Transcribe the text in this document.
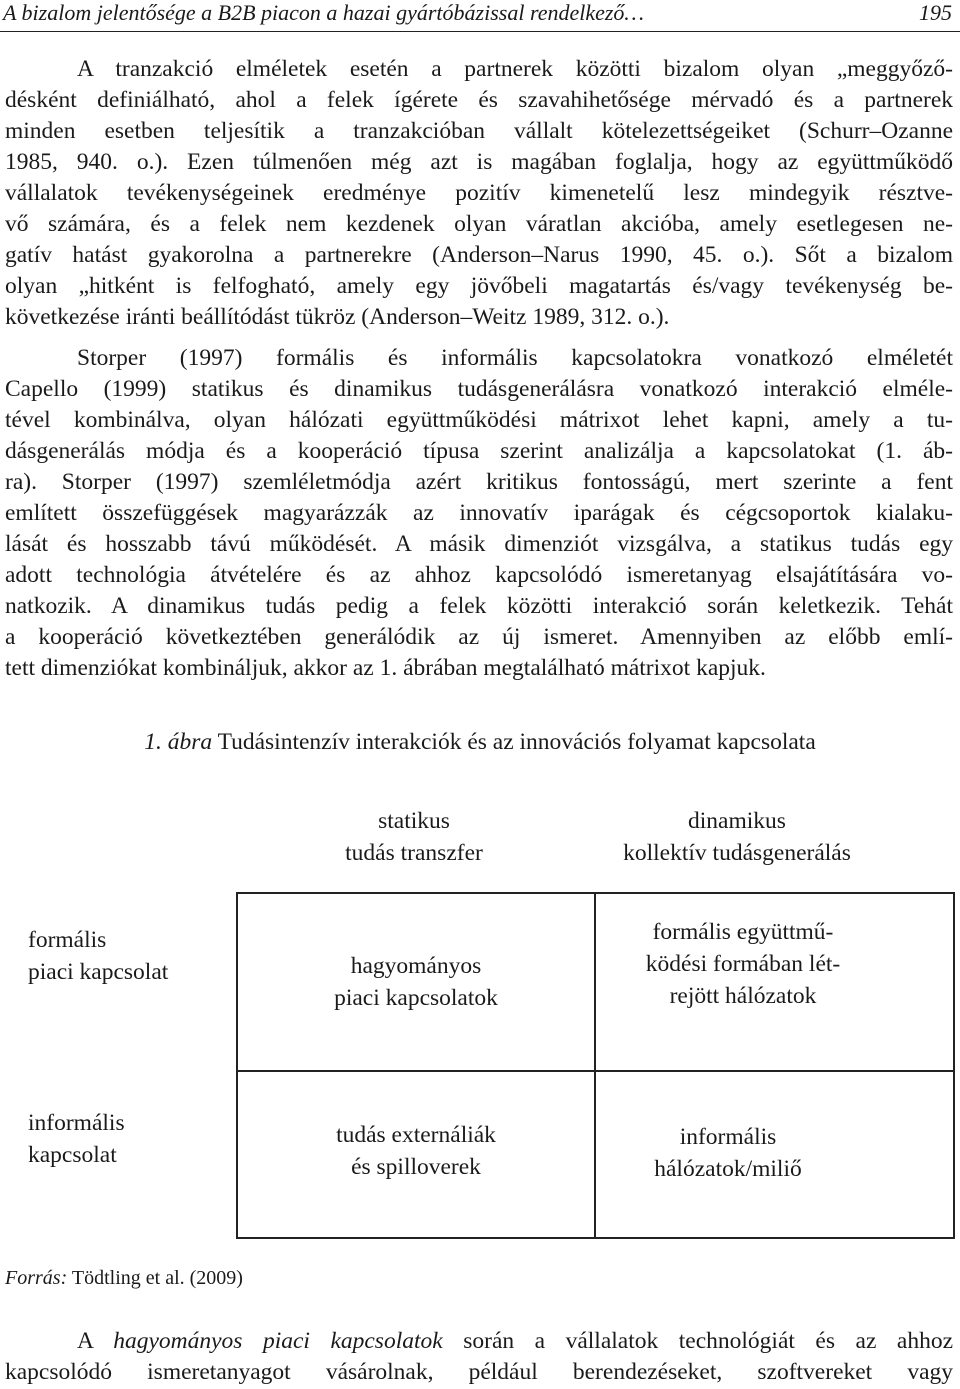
A bizalom jelentősége a B2B piacon a hazai gyártóbázissal rendelkező…	195
A tranzakció elméletek esetén a partnerek közötti bizalom olyan „meggyőző-
désként definiálható, ahol a felek ígérete és szavahihetősége mérvadó és a partnerek
minden esetben teljesítik a tranzakcióban vállalt kötelezettségeiket (Schurr–Ozanne
1985, 940. o.). Ezen túlmenően még azt is magában foglalja, hogy az együttműködő
vállalatok tevékenységeinek eredménye pozitív kimenetelű lesz mindegyik résztve-
vő számára, és a felek nem kezdenek olyan váratlan akcióba, amely esetlegesen ne-
gatív hatást gyakorolna a partnerekre (Anderson–Narus 1990, 45. o.). Sőt a bizalom
olyan „hitként is felfogható, amely egy jövőbeli magatartás és/vagy tevékenység be-
következése iránti beállítódást tükröz (Anderson–Weitz 1989, 312. o.).
Storper (1997) formális és informális kapcsolatokra vonatkozó elméletét
Capello (1999) statikus és dinamikus tudásgenerálásra vonatkozó interakció elméle-
tével kombinálva, olyan hálózati együttműködési mátrixot lehet kapni, amely a tu-
dásgenerálás módja és a kooperáció típusa szerint analizálja a kapcsolatokat (1. áb-
ra). Storper (1997) szemléletmódja azért kritikus fontosságú, mert szerinte a fent
említett összefüggések magyarázzák az innovatív iparágak és cégcsoportok kialaku-
lását és hosszabb távú működését. A másik dimenziót vizsgálva, a statikus tudás egy
adott technológia átvételére és az ahhoz kapcsolódó ismeretanyag elsajátítására vo-
natkozik. A dinamikus tudás pedig a felek közötti interakció során keletkezik. Tehát
a kooperáció következtében generálódik az új ismeret. Amennyiben az előbb emlí-
tett dimenziókat kombináljuk, akkor az 1. ábrában megtalálható mátrixot kapjuk.
1. ábra Tudásintenzív interakciók és az innovációs folyamat kapcsolata
statikus
tudás transzfer
dinamikus
kollektív tudásgenerálás
formális
piaci kapcsolat
informális
kapcsolat
hagyományos
piaci kapcsolatok
formális együttmű-
ködési formában lét-
rejött hálózatok
tudás externáliák
és spilloverek
informális
hálózatok/miliő
Forrás: Tödtling et al. (2009)
A hagyományos piaci kapcsolatok során a vállalatok technológiát és az ahhoz
kapcsolódó ismeretanyagot vásárolnak, például berendezéseket, szoftvereket vagy
